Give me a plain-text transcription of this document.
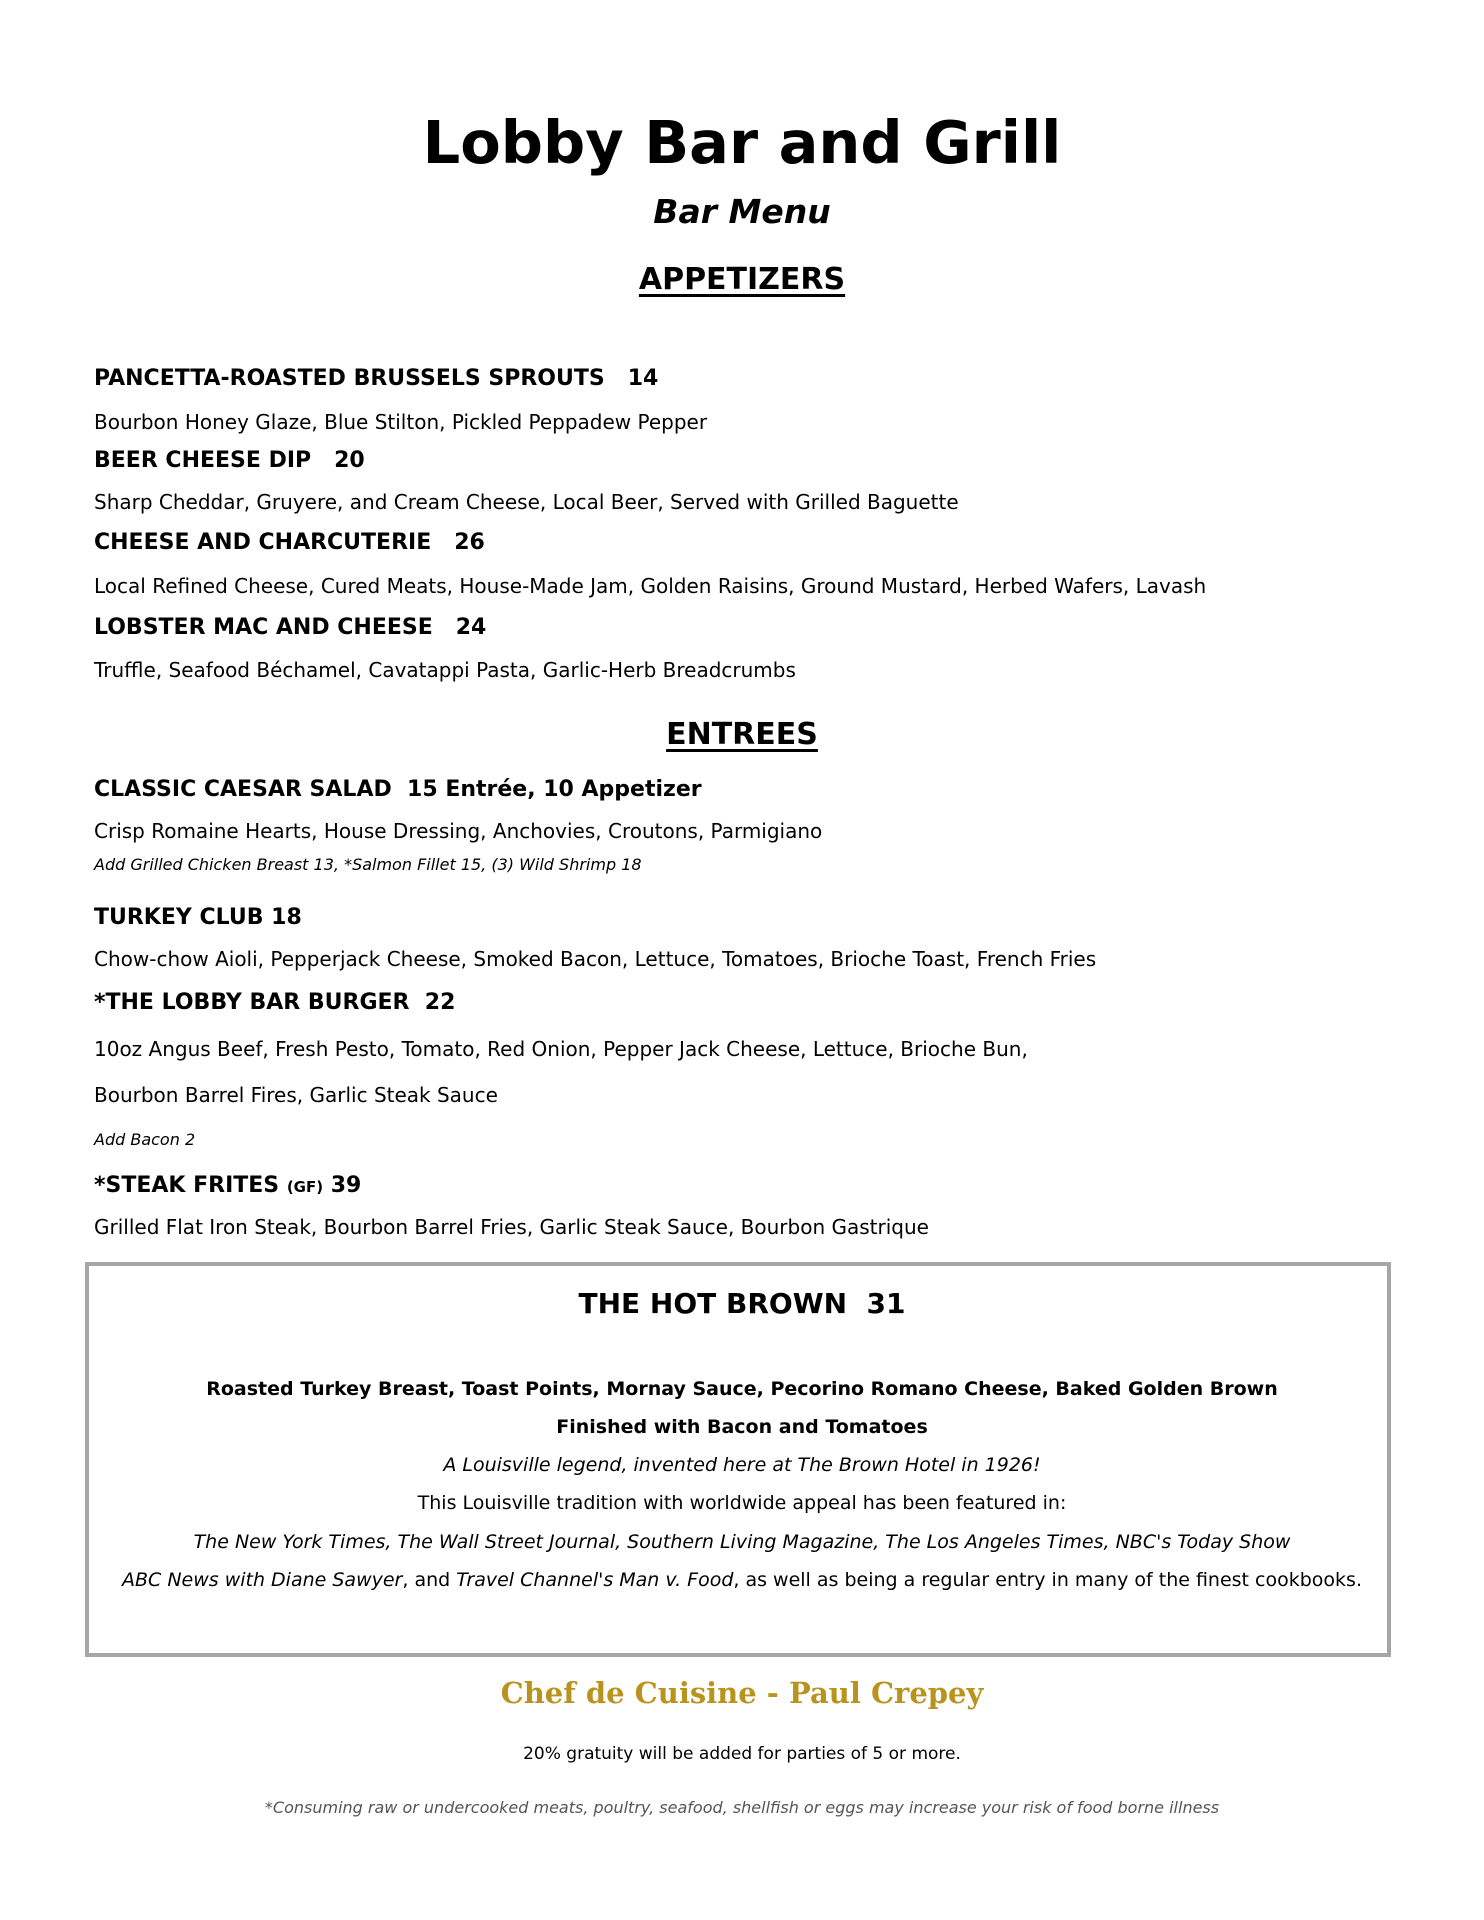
Lobby Bar and Grill
Bar Menu
APPETIZERS
PANCETTA-ROASTED BRUSSELS SPROUTS   14
Bourbon Honey Glaze, Blue Stilton, Pickled Peppadew Pepper
BEER CHEESE DIP   20
Sharp Cheddar, Gruyere, and Cream Cheese, Local Beer, Served with Grilled Baguette
CHEESE AND CHARCUTERIE   26
Local Refined Cheese, Cured Meats, House-Made Jam, Golden Raisins, Ground Mustard, Herbed Wafers, Lavash
LOBSTER MAC AND CHEESE   24
Truffle, Seafood Béchamel, Cavatappi Pasta, Garlic-Herb Breadcrumbs
ENTREES
CLASSIC CAESAR SALAD  15 Entrée, 10 Appetizer
Crisp Romaine Hearts, House Dressing, Anchovies, Croutons, Parmigiano
Add Grilled Chicken Breast 13, *Salmon Fillet 15, (3) Wild Shrimp 18
TURKEY CLUB 18
Chow-chow Aioli, Pepperjack Cheese, Smoked Bacon, Lettuce, Tomatoes, Brioche Toast, French Fries
*THE LOBBY BAR BURGER  22
10oz Angus Beef, Fresh Pesto, Tomato, Red Onion, Pepper Jack Cheese, Lettuce, Brioche Bun,
Bourbon Barrel Fires, Garlic Steak Sauce
Add Bacon 2
*STEAK FRITES (GF) 39
Grilled Flat Iron Steak, Bourbon Barrel Fries, Garlic Steak Sauce, Bourbon Gastrique
THE HOT BROWN  31
Roasted Turkey Breast, Toast Points, Mornay Sauce, Pecorino Romano Cheese, Baked Golden Brown
Finished with Bacon and Tomatoes
A Louisville legend, invented here at The Brown Hotel in 1926!
This Louisville tradition with worldwide appeal has been featured in:
The New York Times, The Wall Street Journal, Southern Living Magazine, The Los Angeles Times, NBC's Today Show
ABC News with Diane Sawyer, and Travel Channel's Man v. Food, as well as being a regular entry in many of the finest cookbooks.
Chef de Cuisine - Paul Crepey
20% gratuity will be added for parties of 5 or more.
*Consuming raw or undercooked meats, poultry, seafood, shellfish or eggs may increase your risk of food borne illness
